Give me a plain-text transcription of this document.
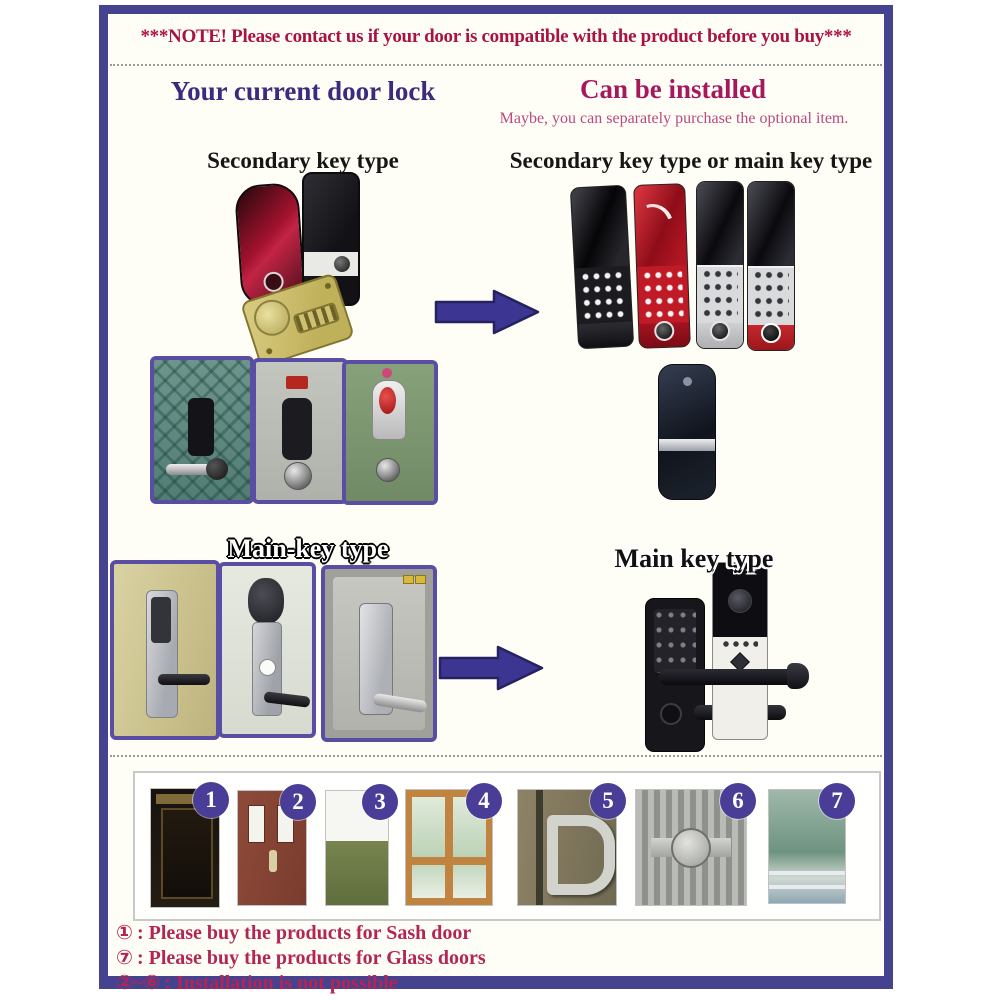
***NOTE! Please contact us if your door is compatible with the product before you buy***
Your current door lock	Can be installed
Maybe, you can separately purchase the optional item.
Secondary key type	Secondary key type or main key type
Main-key type	Main key type
1	2	3	4	5	6	7
① : Please buy the products for Sash door
⑦ : Please buy the products for Glass doors
②~⑥ : Installation is not possible
